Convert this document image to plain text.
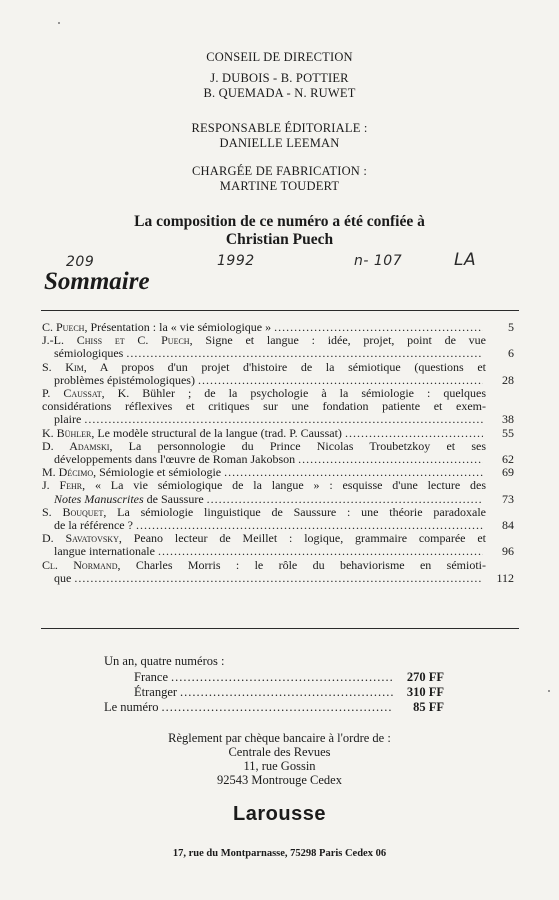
CONSEIL DE DIRECTION
J. DUBOIS - B. POTTIER
B. QUEMADA - N. RUWET
RESPONSABLE ÉDITORIALE :
DANIELLE LEEMAN
CHARGÉE DE FABRICATION :
MARTINE TOUDERT
La composition de ce numéro a été confiée à
Christian Puech
209	1992	n- 107	LA
Sommaire
C. Puech, Présentation : la « vie sémiologique » .....	5
J.-L. Chiss et C. Puech, Signe et langue : idée, projet, point de vue
sémiologiques .....	6
S. Kim, A propos d'un projet d'histoire de la sémiotique (questions et
problèmes épistémologiques) .....	28
P. Caussat, K. Bühler ; de la psychologie à la sémiologie : quelques
considérations réflexives et critiques sur une fondation patiente et exem-
plaire .....	38
K. Bühler, Le modèle structural de la langue (trad. P. Caussat) .....	55
D. Adamski, La personnologie du Prince Nicolas Troubetzkoy et ses
développements dans l'œuvre de Roman Jakobson .....	62
M. Décimo, Sémiologie et sémiologie .....	69
J. Fehr, « La vie sémiologique de la langue » : esquisse d'une lecture des
Notes Manuscrites de Saussure .....	73
S. Bouquet, La sémiologie linguistique de Saussure : une théorie paradoxale
de la référence ? .....	84
D. Savatovsky, Peano lecteur de Meillet : logique, grammaire comparée et
langue internationale .....	96
Cl. Normand, Charles Morris : le rôle du behaviorisme en sémioti-
que .....	112
Un an, quatre numéros :
France .....	270 FF
Étranger .....	310 FF
Le numéro .....	85 FF
Règlement par chèque bancaire à l'ordre de :
Centrale des Revues
11, rue Gossin
92543 Montrouge Cedex
Larousse
17, rue du Montparnasse, 75298 Paris Cedex 06
